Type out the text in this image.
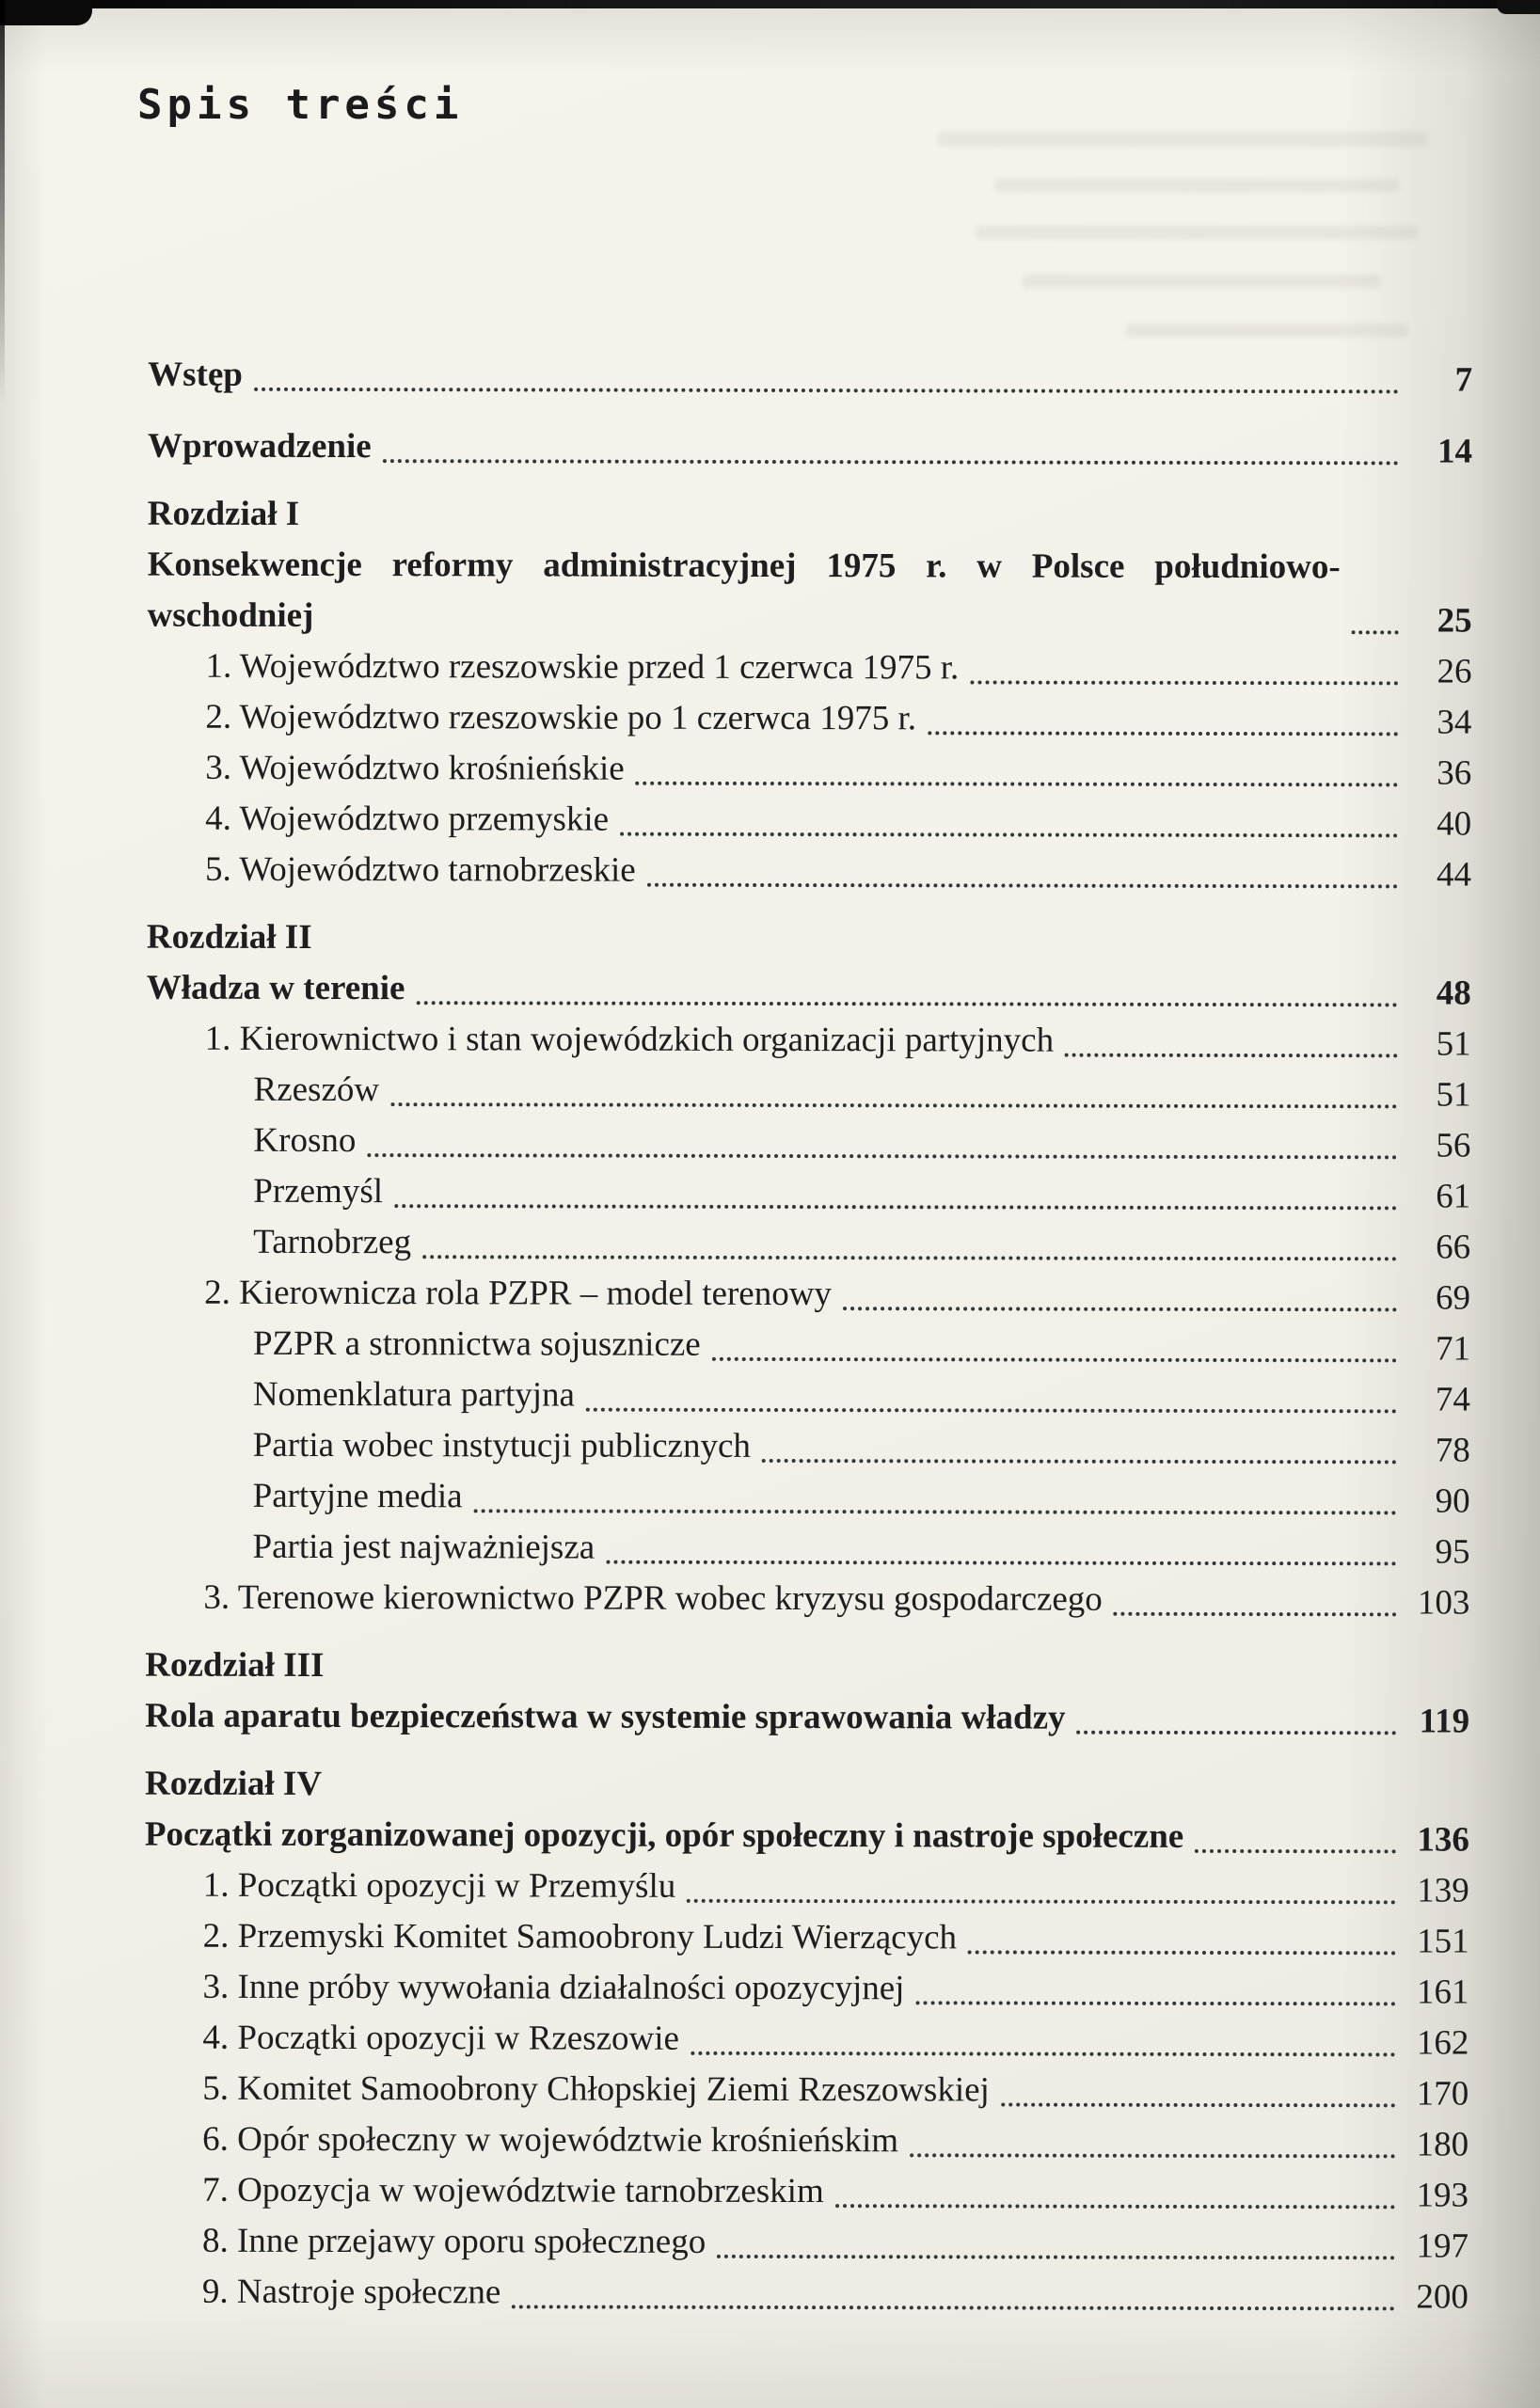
Spis treści
Wstęp	7
Wprowadzenie	14
Rozdział I
Konsekwencje reformy administracyjnej 1975 r. w Polsce południowo-wschodniej	25
1. Województwo rzeszowskie przed 1 czerwca 1975 r.	26
2. Województwo rzeszowskie po 1 czerwca 1975 r.	34
3. Województwo krośnieńskie	36
4. Województwo przemyskie	40
5. Województwo tarnobrzeskie	44
Rozdział II
Władza w terenie	48
1. Kierownictwo i stan wojewódzkich organizacji partyjnych	51
Rzeszów	51
Krosno	56
Przemyśl	61
Tarnobrzeg	66
2. Kierownicza rola PZPR – model terenowy	69
PZPR a stronnictwa sojusznicze	71
Nomenklatura partyjna	74
Partia wobec instytucji publicznych	78
Partyjne media	90
Partia jest najważniejsza	95
3. Terenowe kierownictwo PZPR wobec kryzysu gospodarczego	103
Rozdział III
Rola aparatu bezpieczeństwa w systemie sprawowania władzy	119
Rozdział IV
Początki zorganizowanej opozycji, opór społeczny i nastroje społeczne	136
1. Początki opozycji w Przemyślu	139
2. Przemyski Komitet Samoobrony Ludzi Wierzących	151
3. Inne próby wywołania działalności opozycyjnej	161
4. Początki opozycji w Rzeszowie	162
5. Komitet Samoobrony Chłopskiej Ziemi Rzeszowskiej	170
6. Opór społeczny w województwie krośnieńskim	180
7. Opozycja w województwie tarnobrzeskim	193
8. Inne przejawy oporu społecznego	197
9. Nastroje społeczne	200
